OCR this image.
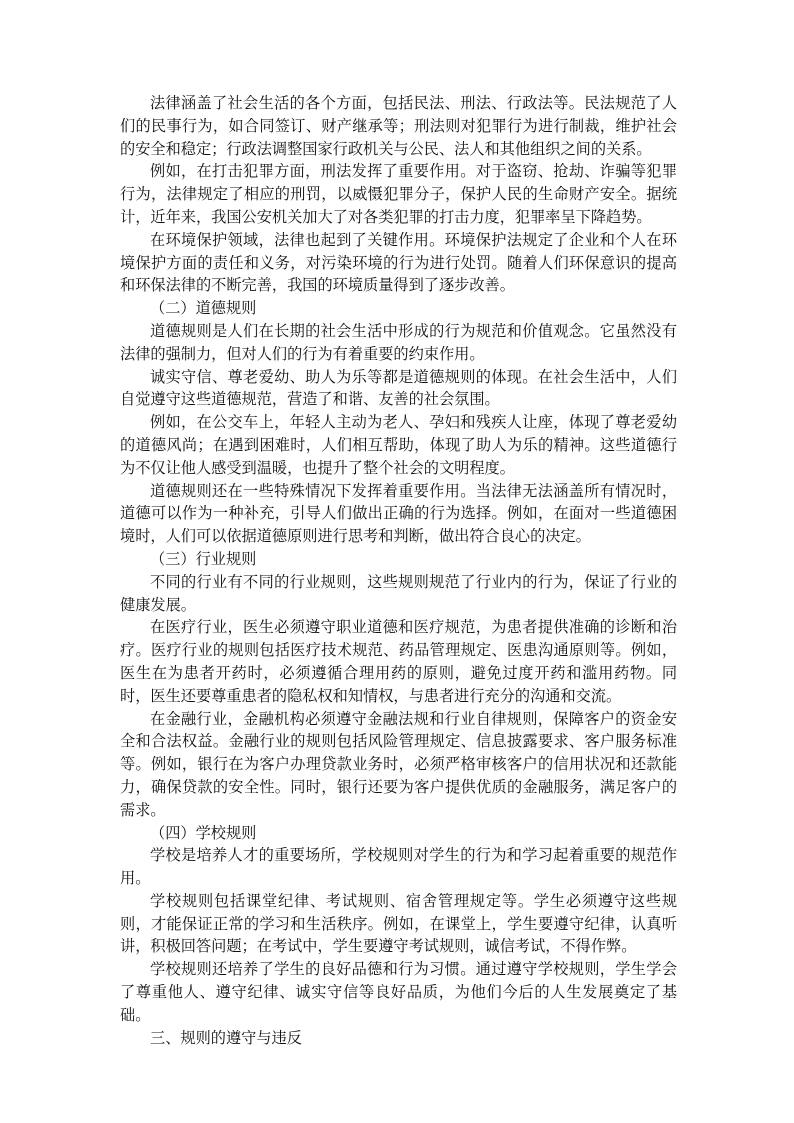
法律涵盖了社会生活的各个方面，包括民法、刑法、行政法等。民法规范了人们的民事行为，如合同签订、财产继承等；刑法则对犯罪行为进行制裁，维护社会的安全和稳定；行政法调整国家行政机关与公民、法人和其他组织之间的关系。

例如，在打击犯罪方面，刑法发挥了重要作用。对于盗窃、抢劫、诈骗等犯罪行为，法律规定了相应的刑罚，以威慑犯罪分子，保护人民的生命财产安全。据统计，近年来，我国公安机关加大了对各类犯罪的打击力度，犯罪率呈下降趋势。

在环境保护领域，法律也起到了关键作用。环境保护法规定了企业和个人在环境保护方面的责任和义务，对污染环境的行为进行处罚。随着人们环保意识的提高和环保法律的不断完善，我国的环境质量得到了逐步改善。

（二）道德规则

道德规则是人们在长期的社会生活中形成的行为规范和价值观念。它虽然没有法律的强制力，但对人们的行为有着重要的约束作用。

诚实守信、尊老爱幼、助人为乐等都是道德规则的体现。在社会生活中，人们自觉遵守这些道德规范，营造了和谐、友善的社会氛围。

例如，在公交车上，年轻人主动为老人、孕妇和残疾人让座，体现了尊老爱幼的道德风尚；在遇到困难时，人们相互帮助，体现了助人为乐的精神。这些道德行为不仅让他人感受到温暖，也提升了整个社会的文明程度。

道德规则还在一些特殊情况下发挥着重要作用。当法律无法涵盖所有情况时，道德可以作为一种补充，引导人们做出正确的行为选择。例如，在面对一些道德困境时，人们可以依据道德原则进行思考和判断，做出符合良心的决定。

（三）行业规则

不同的行业有不同的行业规则，这些规则规范了行业内的行为，保证了行业的健康发展。

在医疗行业，医生必须遵守职业道德和医疗规范，为患者提供准确的诊断和治疗。医疗行业的规则包括医疗技术规范、药品管理规定、医患沟通原则等。例如，医生在为患者开药时，必须遵循合理用药的原则，避免过度开药和滥用药物。同时，医生还要尊重患者的隐私权和知情权，与患者进行充分的沟通和交流。

在金融行业，金融机构必须遵守金融法规和行业自律规则，保障客户的资金安全和合法权益。金融行业的规则包括风险管理规定、信息披露要求、客户服务标准等。例如，银行在为客户办理贷款业务时，必须严格审核客户的信用状况和还款能力，确保贷款的安全性。同时，银行还要为客户提供优质的金融服务，满足客户的需求。

（四）学校规则

学校是培养人才的重要场所，学校规则对学生的行为和学习起着重要的规范作用。

学校规则包括课堂纪律、考试规则、宿舍管理规定等。学生必须遵守这些规则，才能保证正常的学习和生活秩序。例如，在课堂上，学生要遵守纪律，认真听讲，积极回答问题；在考试中，学生要遵守考试规则，诚信考试，不得作弊。

学校规则还培养了学生的良好品德和行为习惯。通过遵守学校规则，学生学会了尊重他人、遵守纪律、诚实守信等良好品质，为他们今后的人生发展奠定了基础。

三、规则的遵守与违反
